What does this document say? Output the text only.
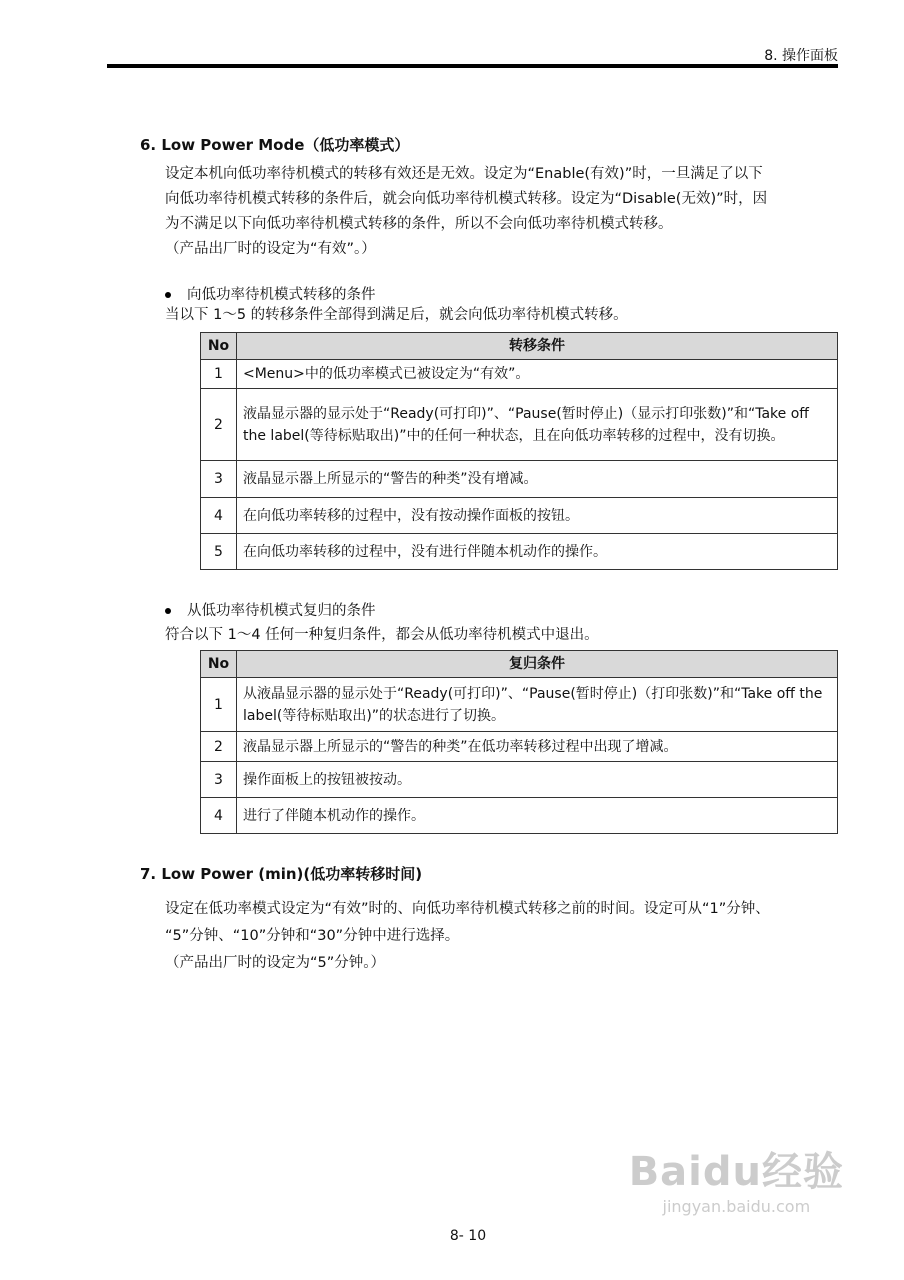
8. 操作面板
6. Low Power Mode（低功率模式）
设定本机向低功率待机模式的转移有效还是无效。设定为“Enable(有效)”时，一旦满足了以下
向低功率待机模式转移的条件后，就会向低功率待机模式转移。设定为“Disable(无效)”时，因
为不满足以下向低功率待机模式转移的条件，所以不会向低功率待机模式转移。
（产品出厂时的设定为“有效”。）
向低功率待机模式转移的条件
当以下 1～5 的转移条件全部得到满足后，就会向低功率待机模式转移。
No	转移条件
1	<Menu>中的低功率模式已被设定为“有效”。
2	液晶显示器的显示处于“Ready(可打印)”、“Pause(暂时停止)（显示打印张数)”和“Take off the label(等待标贴取出)”中的任何一种状态，且在向低功率转移的过程中，没有切换。
3	液晶显示器上所显示的“警告的种类”没有增减。
4	在向低功率转移的过程中，没有按动操作面板的按钮。
5	在向低功率转移的过程中，没有进行伴随本机动作的操作。
从低功率待机模式复归的条件
符合以下 1～4 任何一种复归条件，都会从低功率待机模式中退出。
No	复归条件
1	从液晶显示器的显示处于“Ready(可打印)”、“Pause(暂时停止)（打印张数)”和“Take off the label(等待标贴取出)”的状态进行了切换。
2	液晶显示器上所显示的“警告的种类”在低功率转移过程中出现了增减。
3	操作面板上的按钮被按动。
4	进行了伴随本机动作的操作。
7. Low Power (min)(低功率转移时间)
设定在低功率模式设定为“有效”时的、向低功率待机模式转移之前的时间。设定可从“1”分钟、
“5”分钟、“10”分钟和“30”分钟中进行选择。
（产品出厂时的设定为“5”分钟。）
Baidu经验
jingyan.baidu.com
8- 10
